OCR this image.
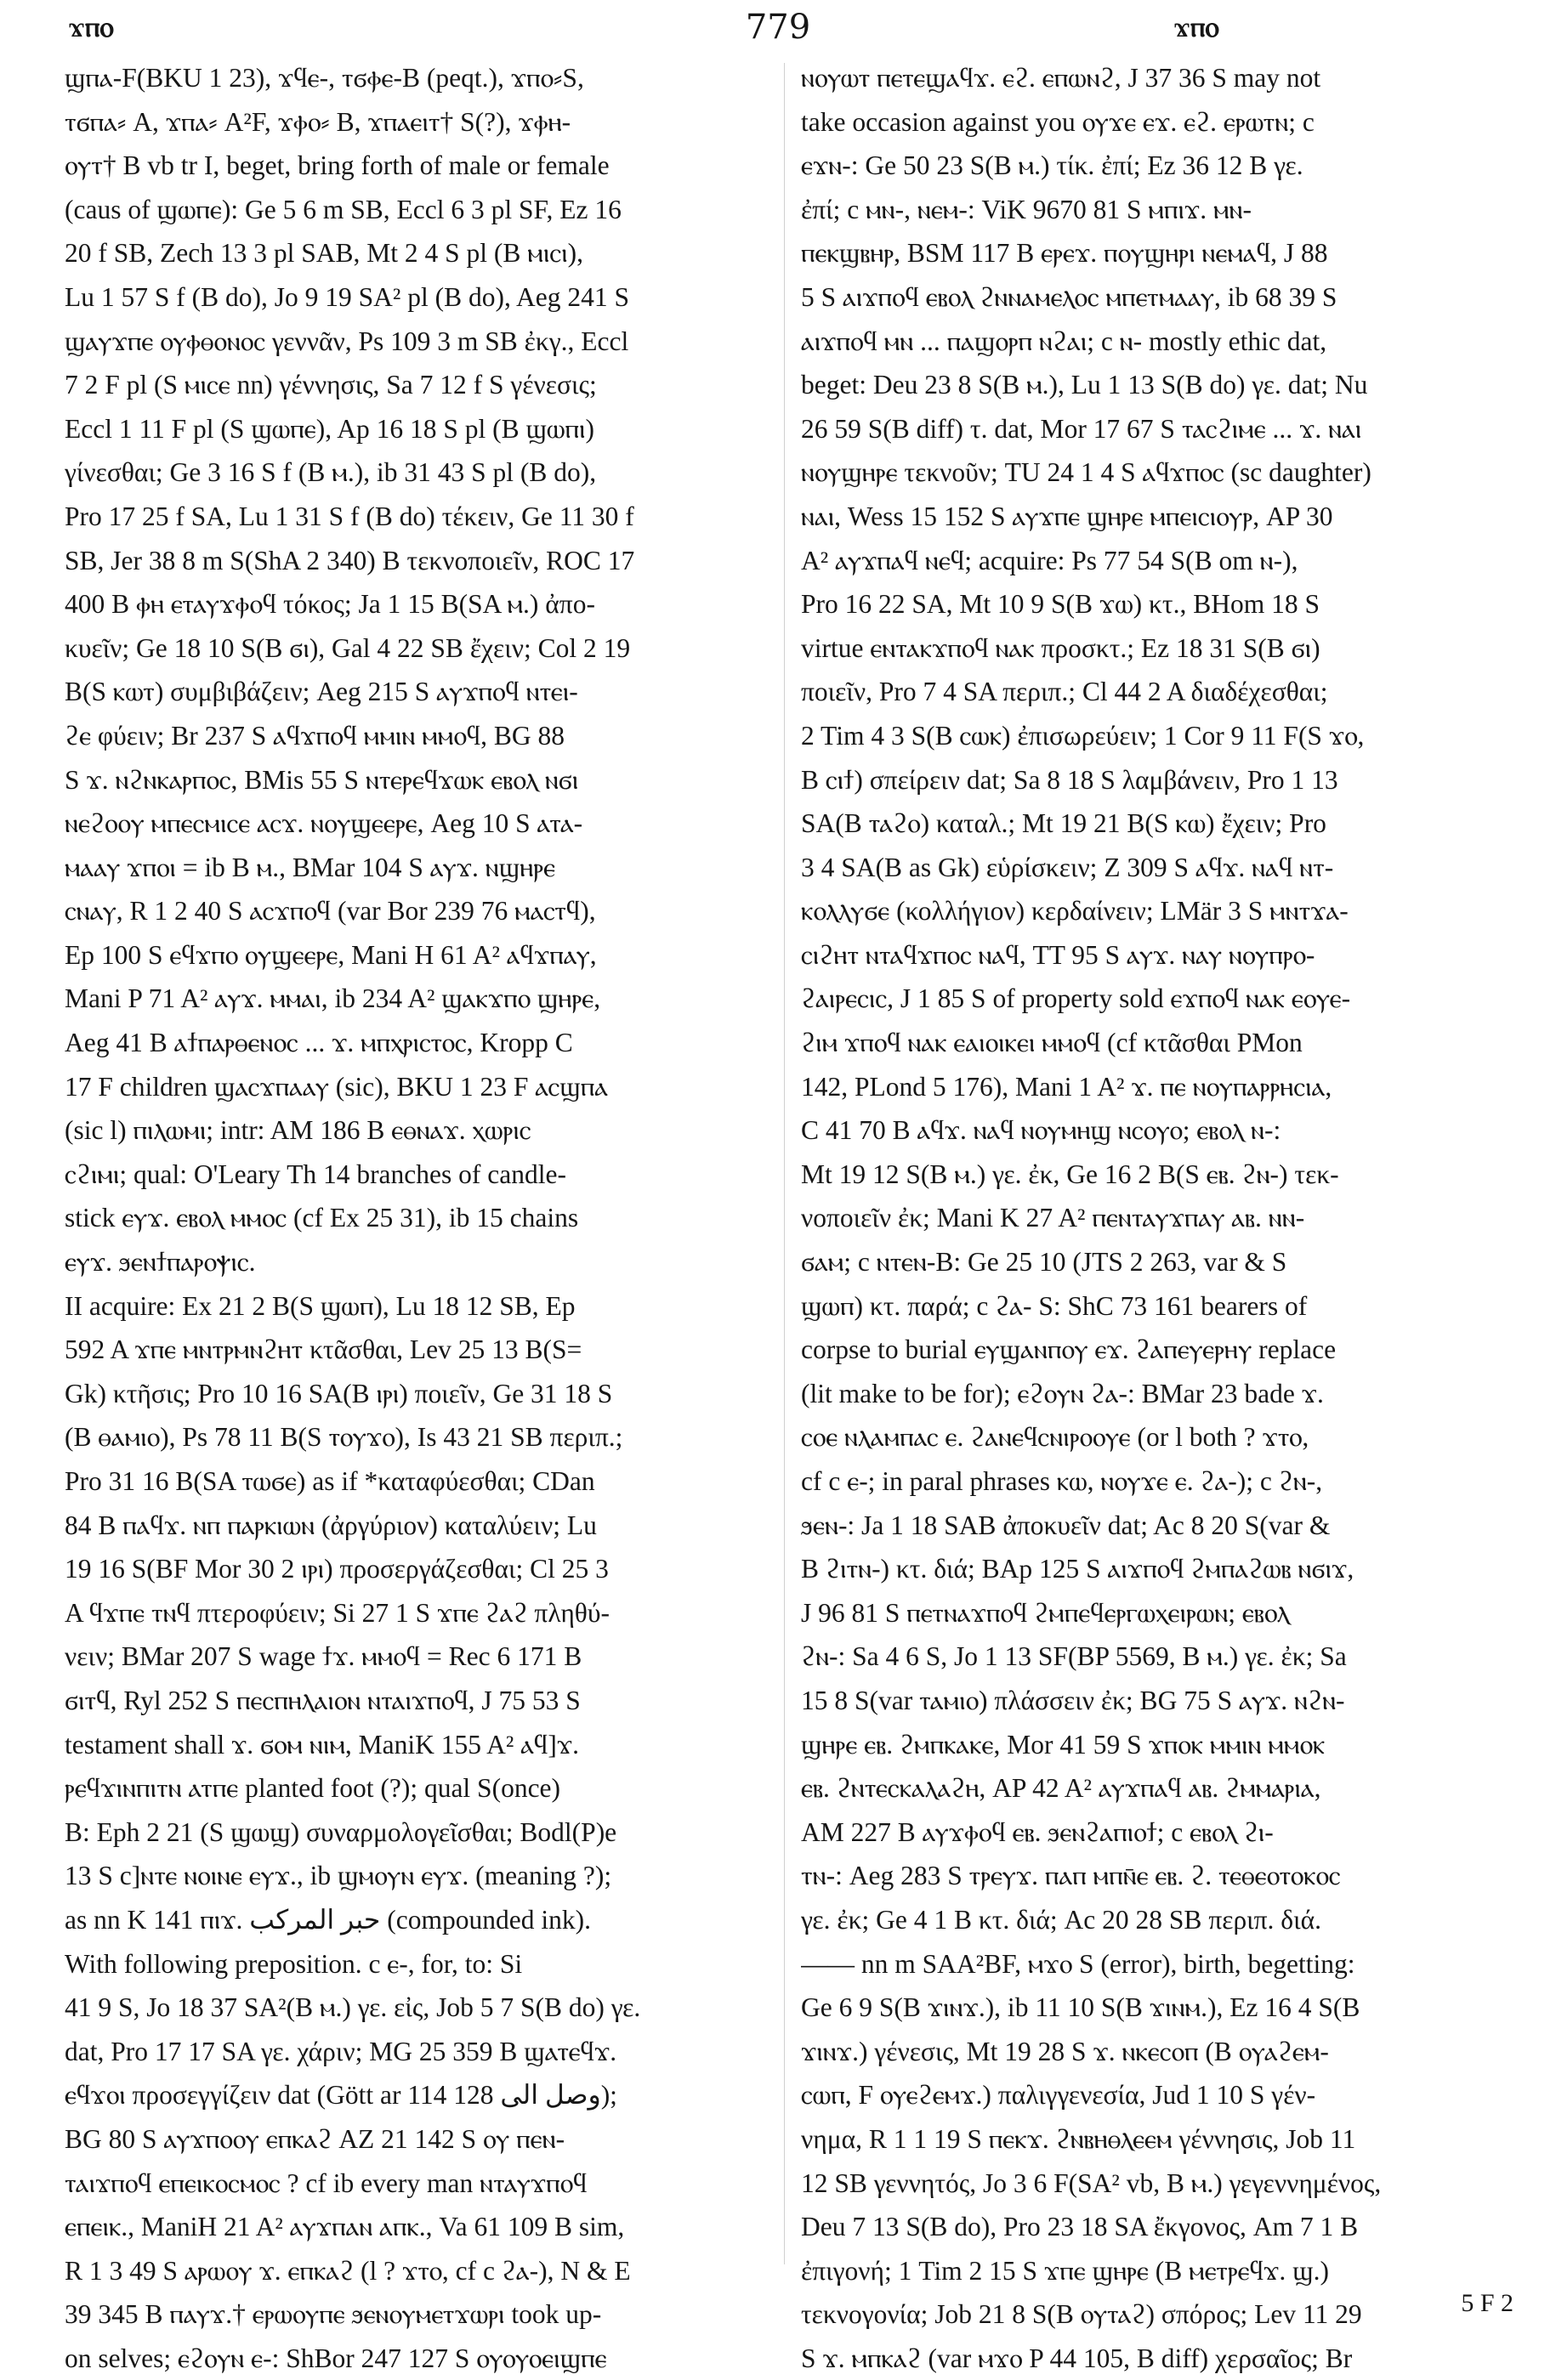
ϫⲡⲟ	779	ϫⲡⲟ
ϣⲡⲁ-F(BKU 1 23), ϫϥⲉ-, ⲧϭⲫⲉ-B (peqt.), ϫⲡⲟ⸗S,
ⲧϭⲡⲁ⸗ A, ϫⲡⲁ⸗ A²F, ϫⲫⲟ⸗ B, ϫⲡⲁⲉⲓⲧ† S(?), ϫⲫⲏ-
ⲟⲩⲧ† B vb tr I, beget, bring forth of male or female
(caus of ϣⲱⲡⲉ): Ge 5 6 m SB, Eccl 6 3 pl SF, Ez 16
20 f SB, Zech 13 3 pl SAB, Mt 2 4 S pl (B ⲙⲓⲥⲓ),
Lu 1 57 S f (B do), Jo 9 19 SA² pl (B do), Aeg 241 S
ϣⲁⲩϫⲡⲉ ⲟⲩⲫⲑⲟⲛⲟⲥ γεννᾶν, Ps 109 3 m SB ἐκγ., Eccl
7 2 F pl (S ⲙⲓⲥⲉ nn) γέννησις, Sa 7 12 f S γένεσις;
Eccl 1 11 F pl (S ϣⲱⲡⲉ), Ap 16 18 S pl (B ϣⲱⲡⲓ)
γίνεσθαι; Ge 3 16 S f (B ⲙ.), ib 31 43 S pl (B do),
Pro 17 25 f SA, Lu 1 31 S f (B do) τέκειν, Ge 11 30 f
SB, Jer 38 8 m S(ShA 2 340) B τεκνοποιεῖν, ROC 17
400 B ⲫⲏ ⲉⲧⲁⲩϫⲫⲟϥ τόκος; Ja 1 15 B(SA ⲙ.) ἀπο-
κυεῖν; Ge 18 10 S(B ϭⲓ), Gal 4 22 SB ἔχειν; Col 2 19
B(S ⲕⲱⲧ) συμβιβάζειν; Aeg 215 S ⲁⲩϫⲡⲟϥ ⲛⲧⲉⲓ-
ϩⲉ φύειν; Br 237 S ⲁϥϫⲡⲟϥ ⲙⲙⲓⲛ ⲙⲙⲟϥ, BG 88
S ϫ. ⲛϩⲛⲕⲁⲣⲡⲟⲥ, BMis 55 S ⲛⲧⲉⲣⲉϥϫⲱⲕ ⲉⲃⲟⲗ ⲛϭⲓ
ⲛⲉϩⲟⲟⲩ ⲙⲡⲉⲥⲙⲓⲥⲉ ⲁⲥϫ. ⲛⲟⲩϣⲉⲉⲣⲉ, Aeg 10 S ⲁⲧⲁ-
ⲙⲁⲁⲩ ϫⲡⲟⲓ = ib B ⲙ., BMar 104 S ⲁⲩϫ. ⲛϣⲏⲣⲉ
ⲥⲛⲁⲩ, R 1 2 40 S ⲁⲥϫⲡⲟϥ (var Bor 239 76 ⲙⲁⲥⲧϥ),
Ep 100 S ⲉϥϫⲡⲟ ⲟⲩϣⲉⲉⲣⲉ, Mani H 61 A² ⲁϥϫⲡⲁⲩ,
Mani P 71 A² ⲁⲩϫ. ⲙⲙⲁⲓ, ib 234 A² ϣⲁⲕϫⲡⲟ ϣⲏⲣⲉ,
Aeg 41 B ⲁϯⲡⲁⲣⲑⲉⲛⲟⲥ ... ϫ. ⲙⲡⲭⲣⲓⲥⲧⲟⲥ, Kropp C
17 F children ϣⲁⲥϫⲡⲁⲁⲩ (sic), BKU 1 23 F ⲁⲥϣⲡⲁ
(sic l) ⲡⲓⲗⲱⲙⲓ; intr: AM 186 B ⲉⲑⲛⲁϫ. ⲭⲱⲣⲓⲥ
ⲥϩⲓⲙⲓ; qual: O'Leary Th 14 branches of candle-
stick ⲉⲩϫ. ⲉⲃⲟⲗ ⲙⲙⲟⲥ (cf Ex 25 31), ib 15 chains
ⲉⲩϫ. ϧⲉⲛϯⲡⲁⲣⲟⲯⲓⲥ.
II acquire: Ex 21 2 B(S ϣⲱⲡ), Lu 18 12 SB, Ep
592 A ϫⲡⲉ ⲙⲛⲧⲣⲙⲛϩⲏⲧ κτᾶσθαι, Lev 25 13 B(S=
Gk) κτῆσις; Pro 10 16 SA(B ⲓⲣⲓ) ποιεῖν, Ge 31 18 S
(B ⲑⲁⲙⲓⲟ), Ps 78 11 B(S ⲧⲟⲩϫⲟ), Is 43 21 SB περιπ.;
Pro 31 16 B(SA ⲧⲱϭⲉ) as if *καταφύεσθαι; CDan
84 B ⲡⲁϥϫ. ⲛⲡ ⲡⲁⲣⲕⲓⲱⲛ (ἀργύριον) καταλύειν; Lu
19 16 S(BF Mor 30 2 ⲓⲣⲓ) προσεργάζεσθαι; Cl 25 3
A ϥϫⲡⲉ ⲧⲛϥ πτεροφύειν; Si 27 1 S ϫⲡⲉ ϩⲁϩ πληθύ-
νειν; BMar 207 S wage ϯϫ. ⲙⲙⲟϥ = Rec 6 171 B
ϭⲓⲧϥ, Ryl 252 S ⲡⲉⲥⲡⲏⲗⲁⲓⲟⲛ ⲛⲧⲁⲓϫⲡⲟϥ, J 75 53 S
testament shall ϫ. ϭⲟⲙ ⲛⲓⲙ, ManiK 155 A² ⲁϥ]ϫ.
ⲣⲉϥϫⲓⲛⲡⲓⲧⲛ ⲁⲧⲡⲉ planted foot (?); qual S(once)
B: Eph 2 21 (S ϣⲱϣ) συναρμολογεῖσθαι; Bodl(P)e
13 S c]ⲛⲧⲉ ⲛⲟⲓⲛⲉ ⲉⲩϫ., ib ϣⲙⲟⲩⲛ ⲉⲩϫ. (meaning ?);
as nn K 141 ⲡⲓϫ. حبر المركب (compounded ink).
With following preposition. c ⲉ-, for, to: Si
41 9 S, Jo 18 37 SA²(B ⲙ.) γε. εἰς, Job 5 7 S(B do) γε.
dat, Pro 17 17 SA γε. χάριν; MG 25 359 B ϣⲁⲧⲉϥϫ.
ⲉϥϫⲟⲓ προσεγγίζειν dat (Gött ar 114 128 وصل الى);
BG 80 S ⲁⲩϫⲡⲟⲟⲩ ⲉⲡⲕⲁϩ AZ 21 142 S ⲟⲩ ⲡⲉⲛ-
ⲧⲁⲓϫⲡⲟϥ ⲉⲡⲉⲓⲕⲟⲥⲙⲟⲥ ? cf ib every man ⲛⲧⲁⲩϫⲡⲟϥ
ⲉⲡⲉⲓⲕ., ManiH 21 A² ⲁⲩϫⲡⲁⲛ ⲁⲡⲕ., Va 61 109 B sim,
R 1 3 49 S ⲁⲣⲱⲟⲩ ϫ. ⲉⲡⲕⲁϩ (l ? ϫⲧⲟ, cf c ϩⲁ-), N & E
39 345 B ⲡⲁⲩϫ.† ⲉⲣⲱⲟⲩⲡⲉ ϧⲉⲛⲟⲩⲙⲉⲧϫⲱⲣⲓ took up-
on selves; ⲉϩⲟⲩⲛ ⲉ-: ShBor 247 127 S ⲟⲩⲟⲩⲟⲉⲓϣⲡⲉ
ⲛⲟⲩⲱⲧ ⲡⲉⲧⲉϣⲁϥϫ. ⲉϩ. ⲉⲡⲱⲛϩ, J 37 36 S may not
take occasion against you ⲟⲩϫⲉ ⲉϫ. ⲉϩ. ⲉⲣⲱⲧⲛ; c
ⲉϫⲛ-: Ge 50 23 S(B ⲙ.) τίκ. ἐπί; Ez 36 12 B γε.
ἐπί; c ⲙⲛ-, ⲛⲉⲙ-: ViK 9670 81 S ⲙⲡⲓϫ. ⲙⲛ-
ⲡⲉⲕϣⲃⲏⲣ, BSM 117 B ⲉⲣⲉϫ. ⲡⲟⲩϣⲏⲣⲓ ⲛⲉⲙⲁϥ, J 88
5 S ⲁⲓϫⲡⲟϥ ⲉⲃⲟⲗ ϩⲛⲛⲁⲙⲉⲗⲟⲥ ⲙⲡⲉⲧⲙⲁⲁⲩ, ib 68 39 S
ⲁⲓϫⲡⲟϥ ⲙⲛ ... ⲡⲁϣⲟⲣⲡ ⲛϩⲁⲓ; c ⲛ- mostly ethic dat,
beget: Deu 23 8 S(B ⲙ.), Lu 1 13 S(B do) γε. dat; Nu
26 59 S(B diff) τ. dat, Mor 17 67 S ⲧⲁⲥϩⲓⲙⲉ ... ϫ. ⲛⲁⲓ
ⲛⲟⲩϣⲏⲣⲉ τεκνοῦν; TU 24 1 4 S ⲁϥϫⲡⲟⲥ (sc daughter)
ⲛⲁⲓ, Wess 15 152 S ⲁⲩϫⲡⲉ ϣⲏⲣⲉ ⲙⲡⲉⲓⲥⲓⲟⲩⲣ, AP 30
A² ⲁⲩϫⲡⲁϥ ⲛⲉϥ; acquire: Ps 77 54 S(B om ⲛ-),
Pro 16 22 SA, Mt 10 9 S(B ϫⲱ) κτ., BHom 18 S
virtue ⲉⲛⲧⲁⲕϫⲡⲟϥ ⲛⲁⲕ προσκτ.; Ez 18 31 S(B ϭⲓ)
ποιεῖν, Pro 7 4 SA περιπ.; Cl 44 2 A διαδέχεσθαι;
2 Tim 4 3 S(B ⲥⲱⲕ) ἐπισωρεύειν; 1 Cor 9 11 F(S ϫⲟ,
B ⲥⲓϯ) σπείρειν dat; Sa 8 18 S λαμβάνειν, Pro 1 13
SA(B ⲧⲁϩⲟ) καταλ.; Mt 19 21 B(S ⲕⲱ) ἔχειν; Pro
3 4 SA(B as Gk) εὑρίσκειν; Z 309 S ⲁϥϫ. ⲛⲁϥ ⲛⲧ-
ⲕⲟⲗⲗⲩϭⲉ (κολλήγιον) κερδαίνειν; LMär 3 S ⲙⲛⲧϫⲁ-
ⲥⲓϩⲏⲧ ⲛⲧⲁϥϫⲡⲟⲥ ⲛⲁϥ, TT 95 S ⲁⲩϫ. ⲛⲁⲩ ⲛⲟⲩⲡⲣⲟ-
ϩⲁⲓⲣⲉⲥⲓⲥ, J 1 85 S of property sold ⲉϫⲡⲟϥ ⲛⲁⲕ ⲉⲟⲩⲉ-
ϩⲓⲙ ϫⲡⲟϥ ⲛⲁⲕ ⲉⲁⲓⲟⲓⲕⲉⲓ ⲙⲙⲟϥ (cf κτᾶσθαι PMon
142, PLond 5 176), Mani 1 A² ϫ. ⲡⲉ ⲛⲟⲩⲡⲁⲣⲣⲏⲥⲓⲁ,
C 41 70 B ⲁϥϫ. ⲛⲁϥ ⲛⲟⲩⲙⲏϣ ⲛⲥⲟⲩⲟ; ⲉⲃⲟⲗ ⲛ-:
Mt 19 12 S(B ⲙ.) γε. ἐκ, Ge 16 2 B(S ⲉⲃ. ϩⲛ-) τεκ-
νοποιεῖν ἐκ; Mani K 27 A² ⲡⲉⲛⲧⲁⲩϫⲡⲁⲩ ⲁⲃ. ⲛⲛ-
ϭⲁⲙ; c ⲛⲧⲉⲛ-B: Ge 25 10 (JTS 2 263, var & S
ϣⲱⲡ) κτ. παρά; c ϩⲁ- S: ShC 73 161 bearers of
corpse to burial ⲉⲩϣⲁⲛⲡⲟⲩ ⲉϫ. ϩⲁⲡⲉⲩⲉⲣⲏⲩ replace
(lit make to be for); ⲉϩⲟⲩⲛ ϩⲁ-: BMar 23 bade ϫ.
ⲥⲟⲉ ⲛⲗⲁⲙⲡⲁⲥ ⲉ. ϩⲁⲛⲉϥⲥⲛⲓⲣⲟⲟⲩⲉ (or l both ? ϫⲧⲟ,
cf c ⲉ-; in paral phrases ⲕⲱ, ⲛⲟⲩϫⲉ ⲉ. ϩⲁ-); c ϩⲛ-,
ϧⲉⲛ-: Ja 1 18 SAB ἀποκυεῖν dat; Ac 8 20 S(var &
B ϩⲓⲧⲛ-) κτ. διά; BAp 125 S ⲁⲓϫⲡⲟϥ ϩⲙⲡⲁϩⲱⲃ ⲛϭⲓϫ,
J 96 81 S ⲡⲉⲧⲛⲁϫⲡⲟϥ ϩⲙⲡⲉϥⲉⲣⲅⲱⲭⲉⲓⲣⲱⲛ; ⲉⲃⲟⲗ
ϩⲛ-: Sa 4 6 S, Jo 1 13 SF(BP 5569, B ⲙ.) γε. ἐκ; Sa
15 8 S(var ⲧⲁⲙⲓⲟ) πλάσσειν ἐκ; BG 75 S ⲁⲩϫ. ⲛϩⲛ-
ϣⲏⲣⲉ ⲉⲃ. ϩⲙⲡⲕⲁⲕⲉ, Mor 41 59 S ϫⲡⲟⲕ ⲙⲙⲓⲛ ⲙⲙⲟⲕ
ⲉⲃ. ϩⲛⲧⲉⲥⲕⲁⲗⲁϩⲏ, AP 42 A² ⲁⲩϫⲡⲁϥ ⲁⲃ. ϩⲙⲙⲁⲣⲓⲁ,
AM 227 B ⲁⲩϫⲫⲟϥ ⲉⲃ. ϧⲉⲛϩⲁⲡⲓⲟϯ; c ⲉⲃⲟⲗ ϩⲓ-
ⲧⲛ-: Aeg 283 S ⲧⲣⲉⲩϫ. ⲡⲁⲡ ⲙⲡⲛ̄ⲉ ⲉⲃ. ϩ. ⲧⲉⲑⲉⲟⲧⲟⲕⲟⲥ
γε. ἐκ; Ge 4 1 B κτ. διά; Ac 20 28 SB περιπ. διά.
—— nn m SAA²BF, ⲙϫⲟ S (error), birth, begetting:
Ge 6 9 S(B ϫⲓⲛϫ.), ib 11 10 S(B ϫⲓⲛⲙ.), Ez 16 4 S(B
ϫⲓⲛϫ.) γένεσις, Mt 19 28 S ϫ. ⲛⲕⲉⲥⲟⲡ (B ⲟⲩⲁϩⲉⲙ-
ⲥⲱⲡ, F ⲟⲩⲉϩⲉⲙϫ.) παλιγγενεσία, Jud 1 10 S γέν-
νημα, R 1 1 19 S ⲡⲉⲕϫ. ϩⲛⲃⲏⲑⲗⲉⲉⲙ γέννησις, Job 11
12 SB γεννητός, Jo 3 6 F(SA² vb, B ⲙ.) γεγεννημένος,
Deu 7 13 S(B do), Pro 23 18 SA ἔκγονος, Am 7 1 B
ἐπιγονή; 1 Tim 2 15 S ϫⲡⲉ ϣⲏⲣⲉ (B ⲙⲉⲧⲣⲉϥϫ. ϣ.)
τεκνογονία; Job 21 8 S(B ⲟⲩⲧⲁϩ) σπόρος; Lev 11 29
S ϫ. ⲙⲡⲕⲁϩ (var ⲙϫⲟ P 44 105, B diff) χερσαῖος; Br
5 F 2
